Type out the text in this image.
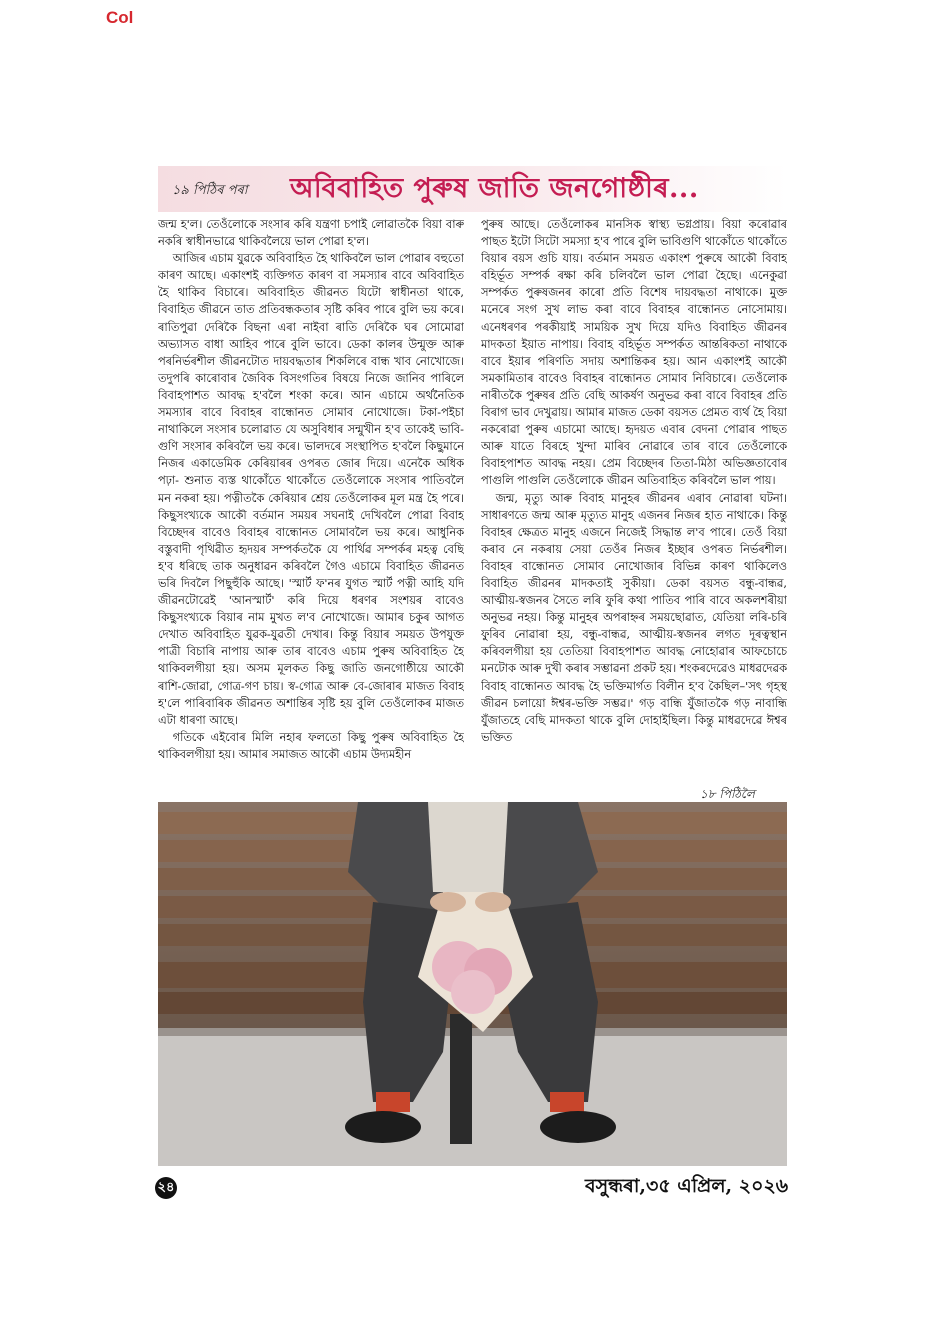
Col
১৯ পিঠিৰ পৰা অবিবাহিত পুৰুষ জাতি জনগোষ্ঠীৰ...

জন্ম হ'ল। তেওঁলোকে সংসাৰ কৰি যন্ত্ৰণা চপাই লোৱাতকৈ বিয়া বাৰু নকৰি স্বাধীনভাৱে থাকিবলৈয়ে ভাল পোৱা হ'ল।

আজিৰ এচাম যুৱকে অবিবাহিত হৈ থাকিবলৈ ভাল পোৱাৰ বহুতো কাৰণ আছে। একাংশই ব্যক্তিগত কাৰণ বা সমস্যাৰ বাবে অবিবাহিত হৈ থাকিব বিচাৰে। অবিবাহিত জীৱনত যিটো স্বাধীনতা থাকে, বিবাহিত জীৱনে তাত প্ৰতিবন্ধকতাৰ সৃষ্টি কৰিব পাৰে বুলি ভয় কৰে। ৰাতিপুৱা দেৰিকৈ বিছনা এৰা নাইবা ৰাতি দেৰিকৈ ঘৰ সোমোৱা অভ্যাসত বাধা আহিব পাৰে বুলি ভাবে। ডেকা কালৰ উন্মুক্ত আৰু পৰনিৰ্ভৰশীল জীৱনটোত দায়বদ্ধতাৰ শিকলিৰে বান্ধ খাব নোখোজে। তদুপৰি কাৰোবাৰ জৈবিক বিসংগতিৰ বিষয়ে নিজে জানিব পাৰিলে বিবাহপাশত আবদ্ধ হ'বলৈ শংকা কৰে। আন এচামে অৰ্থনৈতিক সমস্যাৰ বাবে বিবাহৰ বান্ধোনত সোমাব নোখোজে। টকা-পইচা নাথাকিলে সংসাৰ চলোৱাত যে অসুবিধাৰ সন্মুখীন হ'ব তাকেই ভাবি-গুণি সংসাৰ কৰিবলৈ ভয় কৰে। ভালদৰে সংস্থাপিত হ'বলৈ কিছুমানে নিজৰ একাডেমিক কেৰিয়াৰৰ ওপৰত জোৰ দিয়ে। এনেকৈ অধিক পঢ়া- শুনাত ব্যস্ত থাকোঁতে থাকোঁতে তেওঁলোকে সংসাৰ পাতিবলৈ মন নকৰা হয়। পত্নীতকৈ কেৰিয়াৰ শ্ৰেয় তেওঁলোকৰ মূল মন্ত্ৰ হৈ পৰে। কিছুসংখ্যকে আকৌ বৰ্তমান সময়ৰ সঘনাই দেখিবলৈ পোৱা বিবাহ বিচ্ছেদৰ বাবেও বিবাহৰ বান্ধোনত সোমাবলৈ ভয় কৰে। আধুনিক বস্তুবাদী পৃথিৱীত হৃদয়ৰ সম্পৰ্কতকৈ যে পাৰ্থিৱ সম্পৰ্কৰ মহত্ব বেছি হ'ব ধৰিছে তাক অনুধাৱন কৰিবলৈ গৈও এচামে বিবাহিত জীৱনত ভৰি দিবলৈ পিছুহুঁকি আছে। 'স্মাৰ্ট ফ'নৰ যুগত স্মাৰ্ট পত্নী আহি যদি জীৱনটোৱেই 'আনস্মাৰ্ট' কৰি দিয়ে ধৰণৰ সংশয়ৰ বাবেও কিছুসংখ্যকে বিয়াৰ নাম মুখত ল'ব নোখোজে। আমাৰ চকুৰ আগত দেখাত অবিবাহিত যুৱক-যুৱতী দেখাৰ। কিন্তু বিয়াৰ সময়ত উপযুক্ত পাত্ৰী বিচাৰি নাপায় আৰু তাৰ বাবেও এচাম পুৰুষ অবিবাহিত হৈ থাকিবলগীয়া হয়। অসম মূলকত কিছু জাতি জনগোষ্ঠীয়ে আকৌ ৰাশি-জোৱা, গোত্ৰ-গণ চায়। স্ব-গোত্ৰ আৰু বে-জোৰাৰ মাজত বিবাহ হ'লে পাৰিবাৰিক জীৱনত অশান্তিৰ সৃষ্টি হয় বুলি তেওঁলোকৰ মাজত এটা ধাৰণা আছে।

গতিকে এইবোৰ মিলি নহাৰ ফলতো কিছু পুৰুষ অবিবাহিত হৈ থাকিবলগীয়া হয়। আমাৰ সমাজত আকৌ এচাম উদ্যমহীন

পুৰুষ আছে। তেওঁলোকৰ মানসিক স্বাস্থ্য ভগ্নপ্ৰায়। বিয়া কৰোৱাৰ পাছত ইটো সিটো সমস্যা হ'ব পাৰে বুলি ভাবিগুণি থাকোঁতে থাকোঁতে বিয়াৰ বয়স গুচি যায়। বৰ্তমান সময়ত একাংশ পুৰুষে আকৌ বিবাহ বহিৰ্ভূত সম্পৰ্ক ৰক্ষা কৰি চলিবলৈ ভাল পোৱা হৈছে। এনেকুৱা সম্পৰ্কত পুৰুষজনৰ কাৰো প্ৰতি বিশেষ দায়বদ্ধতা নাথাকে। মুক্ত মনেৰে সংগ সুখ লাভ কৰা বাবে বিবাহৰ বান্ধোনত নোসোমায়। এনেধৰণৰ পৰকীয়াই সাময়িক সুখ দিয়ে যদিও বিবাহিত জীৱনৰ মাদকতা ইয়াত নাপায়। বিবাহ বহিৰ্ভূত সম্পৰ্কত আন্তৰিকতা নাথাকে বাবে ইয়াৰ পৰিণতি সদায় অশান্তিকৰ হয়। আন একাংশই আকৌ সমকামিতাৰ বাবেও বিবাহৰ বান্ধোনত সোমাব নিবিচাৰে। তেওঁলোক নাৰীতকৈ পুৰুষৰ প্ৰতি বেছি আকৰ্ষণ অনুভৱ কৰা বাবে বিবাহৰ প্ৰতি বিৰাগ ভাব দেখুৱায়। আমাৰ মাজত ডেকা বয়সত প্ৰেমত ব্যৰ্থ হৈ বিয়া নকৰোৱা পুৰুষ এচামো আছে। হৃদয়ত এবাৰ বেদনা পোৱাৰ পাছত আৰু যাতে বিৰহে খুন্দা মাৰিব নোৱাৰে তাৰ বাবে তেওঁলোকে বিবাহপাশত আবদ্ধ নহয়। প্ৰেম বিচ্ছেদৰ তিতা-মিঠা অভিজ্ঞতাবোৰ পাগুলি পাগুলি তেওঁলোকে জীৱন অতিবাহিত কৰিবলৈ ভাল পায়।

জন্ম, মৃত্যু আৰু বিবাহ মানুহৰ জীৱনৰ এৰাব নোৱাৰা ঘটনা। সাধাৰণতে জন্ম আৰু মৃত্যুত মানুহ এজনৰ নিজৰ হাত নাথাকে। কিন্তু বিবাহৰ ক্ষেত্ৰত মানুহ এজনে নিজেই সিদ্ধান্ত ল'ব পাৰে। তেওঁ বিয়া কৰাব নে নকৰায় সেয়া তেওঁৰ নিজৰ ইচ্ছাৰ ওপৰত নিৰ্ভৰশীল। বিবাহৰ বান্ধোনত সোমাব নোখোজাৰ বিভিন্ন কাৰণ থাকিলেও বিবাহিত জীৱনৰ মাদকতাই সুকীয়া। ডেকা বয়সত বন্ধু-বান্ধৱ, আত্মীয়-স্বজনৰ সৈতে লৰি ফুৰি কথা পাতিব পাৰি বাবে অকলশৰীয়া অনুভৱ নহয়। কিন্তু মানুহৰ অপৰাহ্নৰ সময়ছোৱাত, যেতিয়া লৰি-চৰি ফুৰিব নোৱাৰা হয়, বন্ধু-বান্ধৱ, আত্মীয়-স্বজনৰ লগত দূৰত্বস্থান কৰিবলগীয়া হয় তেতিয়া বিবাহপাশত আবদ্ধ নোহোৱাৰ আফচোচে মনটোক আৰু দুখী কৰাৰ সম্ভাৱনা প্ৰকট হয়। শংকৰদেৱেও মাধৱদেৱক বিবাহ বান্ধোনত আবদ্ধ হৈ ভক্তিমাৰ্গত বিলীন হ'ব কৈছিল–'সৎ গৃহস্থ জীৱন চলায়ো ঈশ্বৰ-ভক্তি সম্ভৱ।' গড় বান্ধি যুঁজাতকৈ গড় নাবান্ধি যুঁজাতহে বেছি মাদকতা থাকে বুলি দোহাইছিল। কিন্তু মাধৱদেৱে ঈশ্বৰ ভক্তিত

১৮ পিঠিলৈ
২৪	বসুন্ধৰা,৩৫ এপ্ৰিল, ২০২৬
